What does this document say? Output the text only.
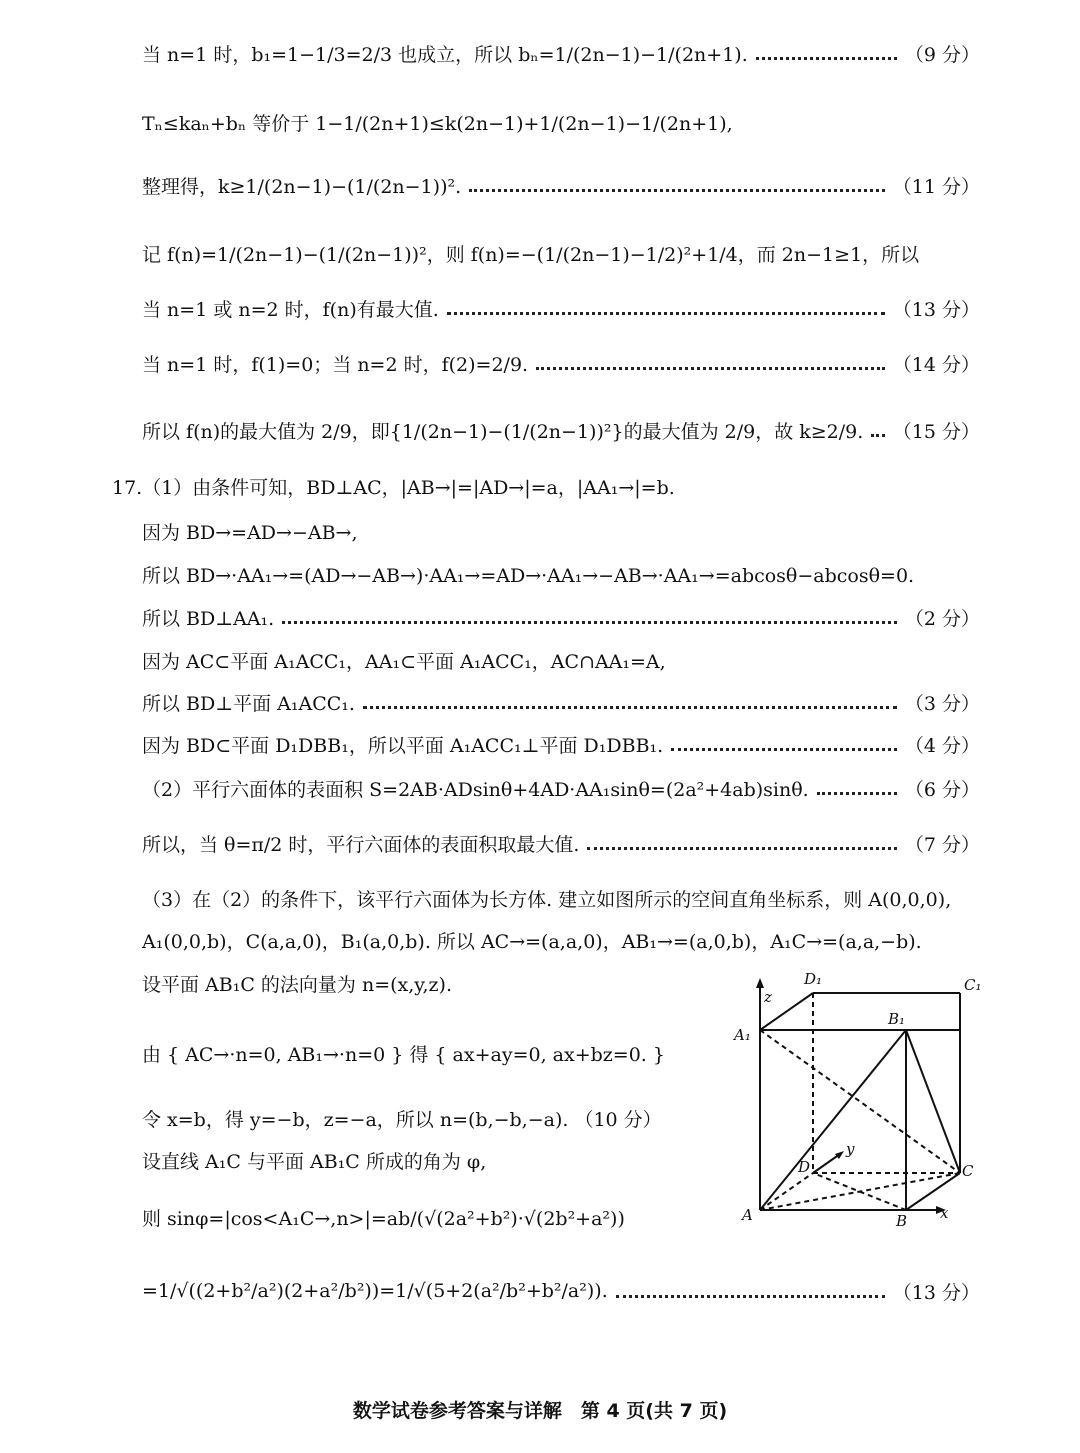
当 n=1 时，b₁=1−1/3=2/3 也成立，所以 bₙ=1/(2n−1)−1/(2n+1).	（9 分）
Tₙ≤kaₙ+bₙ 等价于 1−1/(2n+1)≤k(2n−1)+1/(2n−1)−1/(2n+1),
整理得，k≥1/(2n−1)−(1/(2n−1))².	（11 分）
记 f(n)=1/(2n−1)−(1/(2n−1))²，则 f(n)=−(1/(2n−1)−1/2)²+1/4，而 2n−1≥1，所以
当 n=1 或 n=2 时，f(n)有最大值.	（13 分）
当 n=1 时，f(1)=0；当 n=2 时，f(2)=2/9.	（14 分）
所以 f(n)的最大值为 2/9，即{1/(2n−1)−(1/(2n−1))²}的最大值为 2/9，故 k≥2/9. （15 分）
17.（1）由条件可知，BD⊥AC，|AB→|=|AD→|=a，|AA₁→|=b.
因为 BD→=AD→−AB→,
所以 BD→·AA₁→=(AD→−AB→)·AA₁→=AD→·AA₁→−AB→·AA₁→=abcosθ−abcosθ=0.
所以 BD⊥AA₁.	（2 分）
因为 AC⊂平面 A₁ACC₁，AA₁⊂平面 A₁ACC₁，AC∩AA₁=A,
所以 BD⊥平面 A₁ACC₁.	（3 分）
因为 BD⊂平面 D₁DBB₁，所以平面 A₁ACC₁⊥平面 D₁DBB₁.	（4 分）
（2）平行六面体的表面积 S=2AB·ADsinθ+4AD·AA₁sinθ=(2a²+4ab)sinθ.	（6 分）
所以，当 θ=π/2 时，平行六面体的表面积取最大值.	（7 分）
（3）在（2）的条件下，该平行六面体为长方体. 建立如图所示的空间直角坐标系，则 A(0,0,0),
A₁(0,0,b)，C(a,a,0)，B₁(a,0,b). 所以 AC→=(a,a,0)，AB₁→=(a,0,b)，A₁C→=(a,a,−b).
设平面 AB₁C 的法向量为 n=(x,y,z).
由 { AC→·n=0, AB₁→·n=0 } 得 { ax+ay=0, ax+bz=0. }
令 x=b，得 y=−b，z=−a，所以 n=(b,−b,−a). （10 分）
设直线 A₁C 与平面 AB₁C 所成的角为 φ,
则 sinφ=|cos<A₁C→,n>|=ab/(√(2a²+b²)·√(2b²+a²))
=1/√((2+b²/a²)(2+a²/b²))=1/√(5+2(a²/b²+b²/a²)).	（13 分）
D₁	C₁
z
B₁
A₁
y
D	C
A	B x
数学试卷参考答案与详解　第 4 页(共 7 页)
